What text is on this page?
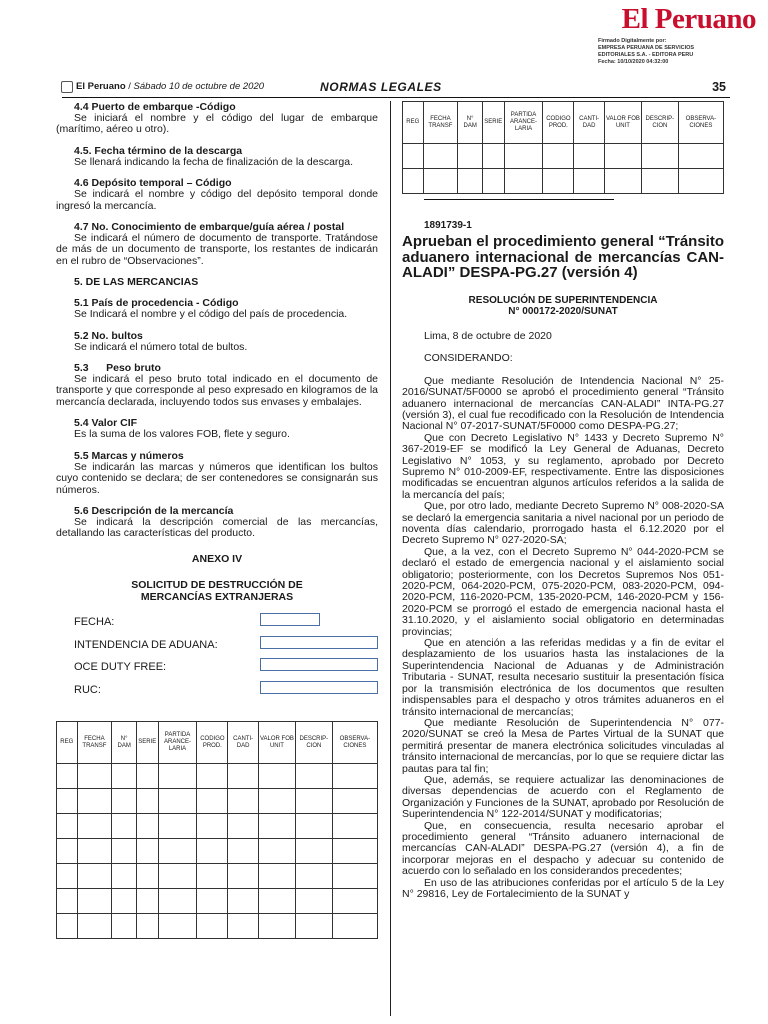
El Peruano
Firmado Digitalmente por:
EMPRESA PERUANA DE SERVICIOS
EDITORIALES S.A. - EDITORA PERU
Fecha: 10/10/2020 04:32:00
El Peruano / Sábado 10 de octubre de 2020	NORMAS LEGALES	35
4.4 Puerto de embarque -Código
Se iniciará el nombre y el código del lugar de embarque (marítimo, aéreo u otro).
4.5. Fecha término de la descarga
Se llenará indicando la fecha de finalización de la descarga.
4.6 Depósito temporal – Código
Se indicará el nombre y código del depósito temporal donde ingresó la mercancía.
4.7 No. Conocimiento de embarque/guía aérea / postal
Se indicará el número de documento de transporte. Tratándose de más de un documento de transporte, los restantes de indicarán en el rubro de “Observaciones”.
5. DE LAS MERCANCIAS
5.1 País de procedencia - Código
Se Indicará el nombre y el código del país de procedencia.
5.2 No. bultos
Se indicará el número total de bultos.
5.3      Peso bruto
Se indicará el peso bruto total indicado en el documento de transporte y que corresponde al peso expresado en kilogramos de la mercancía declarada, incluyendo todos sus envases y embalajes.
5.4 Valor CIF
Es la suma de los valores FOB, flete y seguro.
5.5 Marcas y números
Se indicarán las marcas y números que identifican los bultos cuyo contenido se declara; de ser contenedores se consignarán sus números.
5.6 Descripción de la mercancía
Se indicará la descripción comercial de las mercancías, detallando las características del producto.
ANEXO IV
SOLICITUD DE DESTRUCCIÓN DE
MERCANCÍAS EXTRANJERAS
FECHA:
INTENDENCIA DE ADUANA:
OCE DUTY FREE:
RUC:
REG	FECHA TRANSF	N° DAM	SERIE	PARTIDA ARANCE-LARIA	CODIGO PROD.	CANTI-DAD	VALOR FOB UNIT	DESCRIP-CION	OBSERVA-CIONES

REG	FECHA TRANSF	N° DAM	SERIE	PARTIDA ARANCE-LARIA	CODIGO PROD.	CANTI-DAD	VALOR FOB UNIT	DESCRIP-CION	OBSERVA-CIONES

1891739-1
Aprueban el procedimiento general “Tránsito aduanero internacional de mercancías CAN-ALADI” DESPA-PG.27 (versión 4)
RESOLUCIÓN DE SUPERINTENDENCIA
N° 000172-2020/SUNAT
Lima, 8 de octubre de 2020
CONSIDERANDO:
Que mediante Resolución de Intendencia Nacional N° 25-2016/SUNAT/5F0000 se aprobó el procedimiento general “Tránsito aduanero internacional de mercancías CAN-ALADI” INTA-PG.27 (versión 3), el cual fue recodificado con la Resolución de Intendencia Nacional N° 07-2017-SUNAT/5F0000 como DESPA-PG.27;
Que con Decreto Legislativo N° 1433 y Decreto Supremo N° 367-2019-EF se modificó la Ley General de Aduanas, Decreto Legislativo N° 1053, y su reglamento, aprobado por Decreto Supremo N° 010-2009-EF, respectivamente. Entre las disposiciones modificadas se encuentran algunos artículos referidos a la salida de la mercancía del país;
Que, por otro lado, mediante Decreto Supremo N° 008-2020-SA se declaró la emergencia sanitaria a nivel nacional por un periodo de noventa días calendario, prorrogado hasta el 6.12.2020 por el Decreto Supremo N° 027-2020-SA;
Que, a la vez, con el Decreto Supremo N° 044-2020-PCM se declaró el estado de emergencia nacional y el aislamiento social obligatorio; posteriormente, con los Decretos Supremos Nos 051-2020-PCM, 064-2020-PCM, 075-2020-PCM, 083-2020-PCM, 094-2020-PCM, 116-2020-PCM, 135-2020-PCM, 146-2020-PCM y 156-2020-PCM se prorrogó el estado de emergencia nacional hasta el 31.10.2020, y el aislamiento social obligatorio en determinadas provincias;
Que en atención a las referidas medidas y a fin de evitar el desplazamiento de los usuarios hasta las instalaciones de la Superintendencia Nacional de Aduanas y de Administración Tributaria - SUNAT, resulta necesario sustituir la presentación física por la transmisión electrónica de los documentos que resulten indispensables para el despacho y otros trámites aduaneros en el tránsito internacional de mercancías;
Que mediante Resolución de Superintendencia N° 077-2020/SUNAT se creó la Mesa de Partes Virtual de la SUNAT que permitirá presentar de manera electrónica solicitudes vinculadas al tránsito internacional de mercancías, por lo que se requiere dictar las pautas para tal fin;
Que, además, se requiere actualizar las denominaciones de diversas dependencias de acuerdo con el Reglamento de Organización y Funciones de la SUNAT, aprobado por Resolución de Superintendencia N° 122-2014/SUNAT y modificatorias;
Que, en consecuencia, resulta necesario aprobar el procedimiento general “Tránsito aduanero internacional de mercancías CAN-ALADI” DESPA-PG.27 (versión 4), a fin de incorporar mejoras en el despacho y adecuar su contenido de acuerdo con lo señalado en los considerandos precedentes;
En uso de las atribuciones conferidas por el artículo 5 de la Ley N° 29816, Ley de Fortalecimiento de la SUNAT y
